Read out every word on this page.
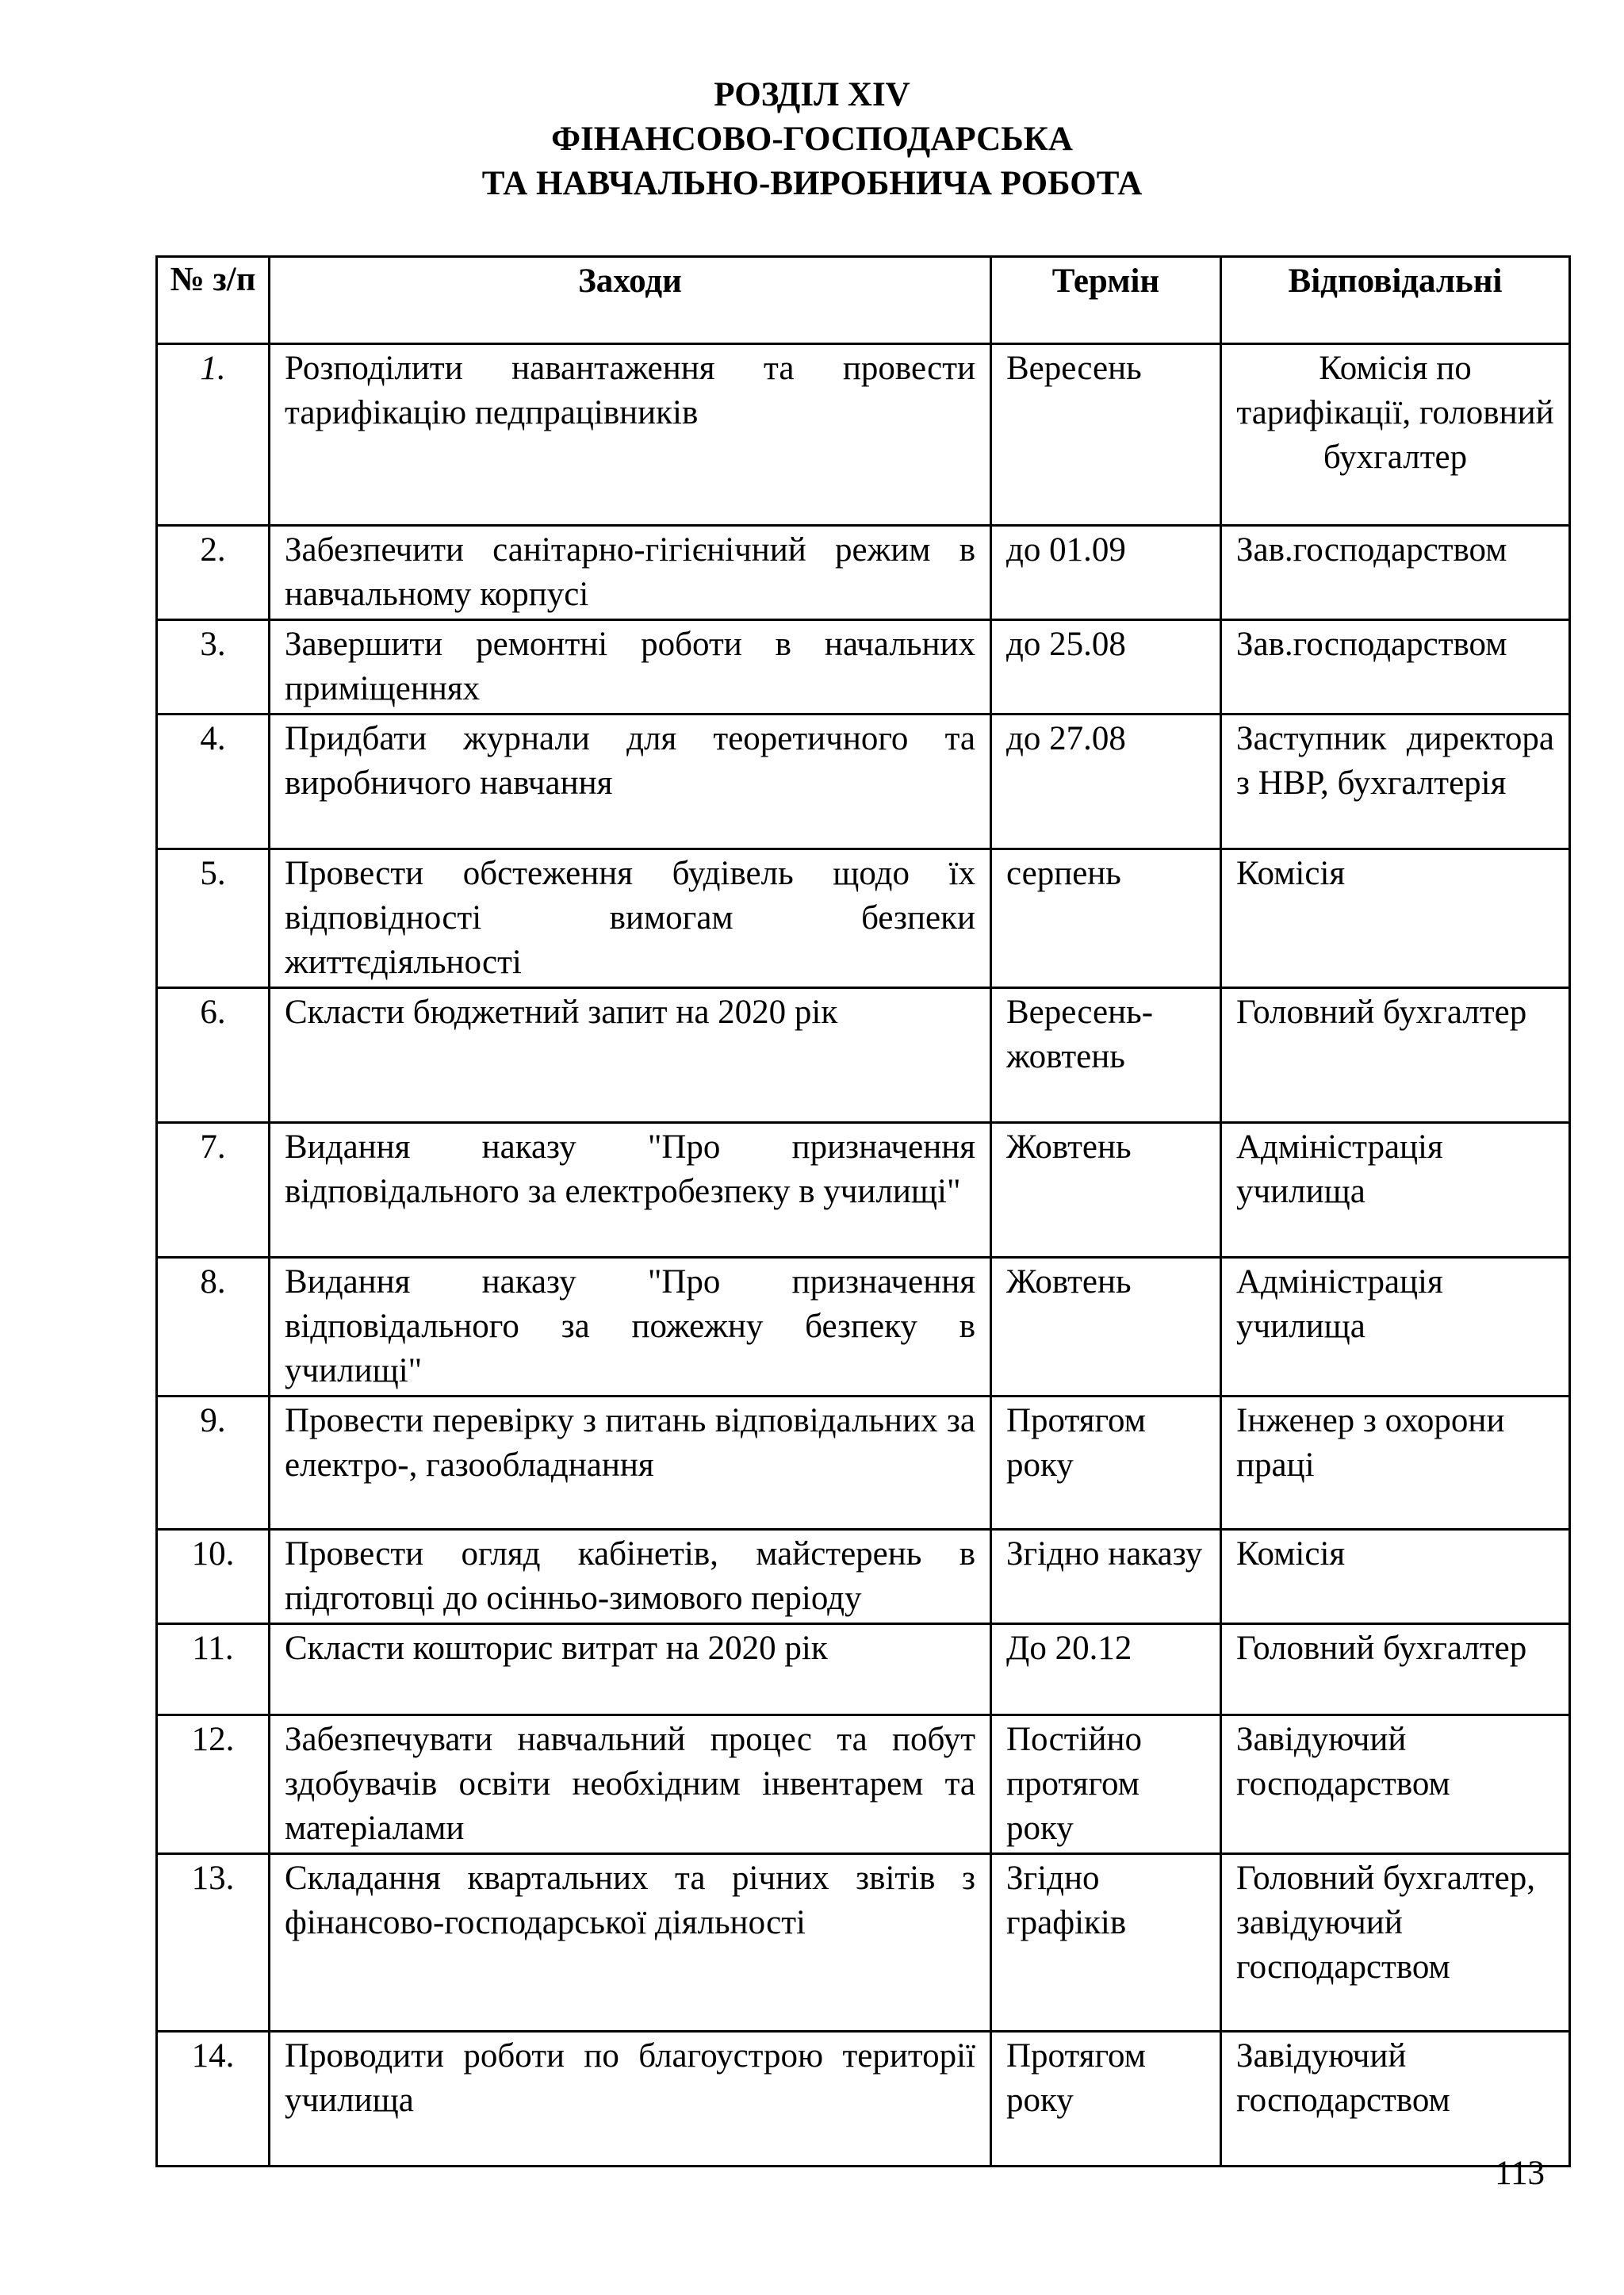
РОЗДІЛ XIV
ФІНАНСОВО-ГОСПОДАРСЬКА
ТА НАВЧАЛЬНО-ВИРОБНИЧА РОБОТА
№ з/п	Заходи	Термін	Відповідальні
1.	Розподілити навантаження та провести тарифікацію педпрацівників	Вересень	Комісія по тарифікації, головний бухгалтер
2.	Забезпечити санітарно-гігієнічний режим в навчальному корпусі	до 01.09	Зав.господарством
3.	Завершити ремонтні роботи в начальних приміщеннях	до 25.08	Зав.господарством
4.	Придбати журнали для теоретичного та виробничого навчання	до 27.08	Заступник директора з НВР, бухгалтерія
5.	Провести обстеження будівель щодо їх відповідності вимогам безпеки життєдіяльності	серпень	Комісія
6.	Скласти бюджетний запит на 2020 рік	Вересень-жовтень	Головний бухгалтер
7.	Видання наказу "Про призначення відповідального за електробезпеку в училищі"	Жовтень	Адміністрація училища
8.	Видання наказу "Про призначення відповідального за пожежну безпеку в училищі"	Жовтень	Адміністрація училища
9.	Провести перевірку з питань відповідальних за електро-, газообладнання	Протягом року	Інженер з охорони праці
10.	Провести огляд кабінетів, майстерень в підготовці до осінньо-зимового періоду	Згідно наказу	Комісія
11.	Скласти кошторис витрат на 2020 рік	До 20.12	Головний бухгалтер
12.	Забезпечувати навчальний процес та побут здобувачів освіти необхідним інвентарем та матеріалами	Постійно протягом року	Завідуючий господарством
13.	Складання квартальних та річних звітів з фінансово-господарської діяльності	Згідно графіків	Головний бухгалтер, завідуючий господарством
14.	Проводити роботи по благоустрою території училища	Протягом року	Завідуючий господарством
113
